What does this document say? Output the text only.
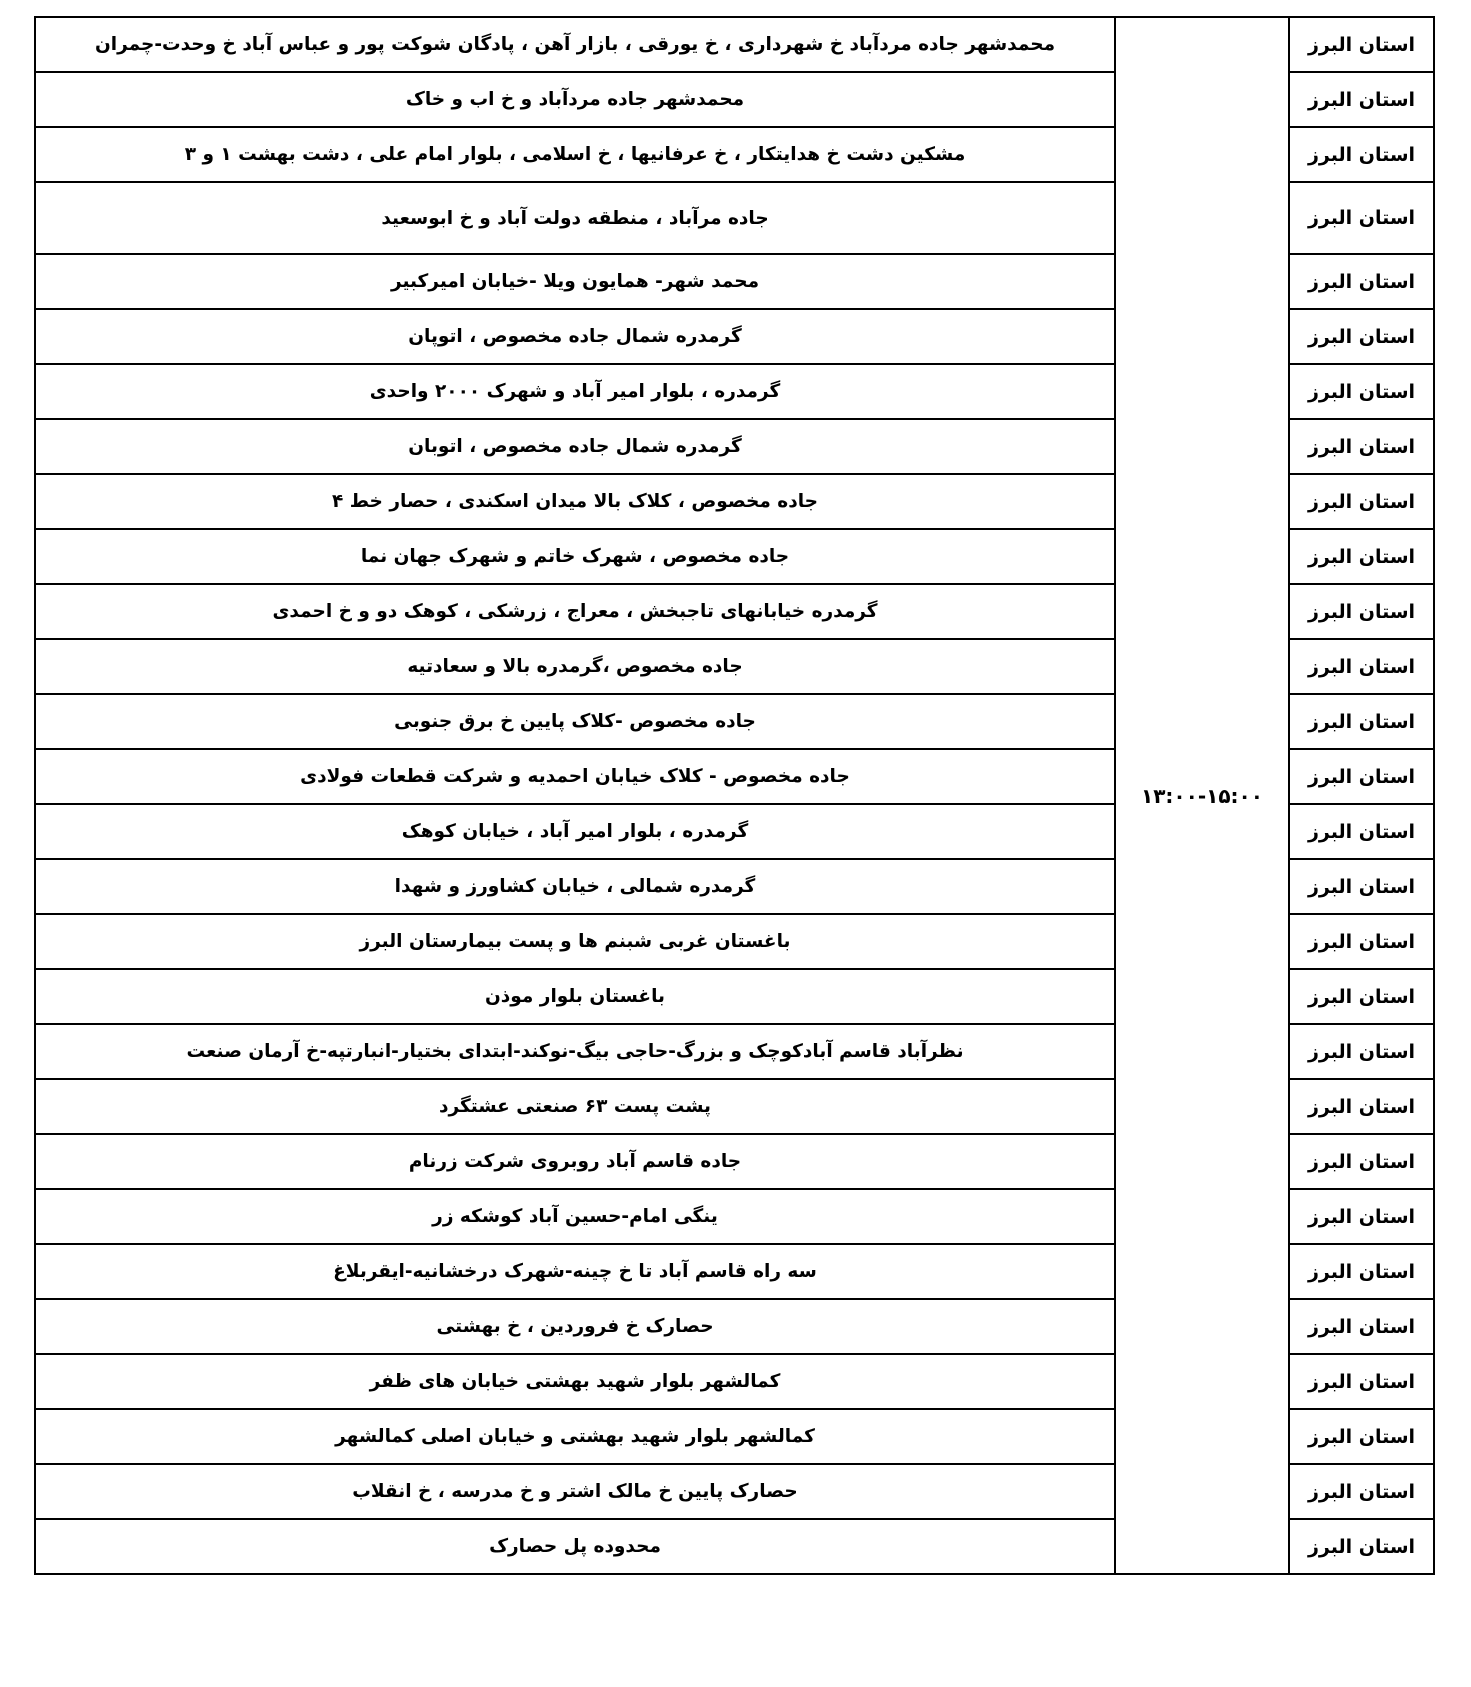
استان البرز	۱۳:۰۰-۱۵:۰۰	محمدشهر جاده مردآباد خ شهرداری ، خ یورقی ، بازار آهن ، پادگان شوکت پور و عباس آباد خ وحدت-چمران
استان البرز		محمدشهر جاده مردآباد و خ اب و خاک
استان البرز		مشکین دشت خ هدایتکار ، خ عرفانیها ، خ اسلامی ، بلوار امام علی ، دشت بهشت ۱ و ۳
استان البرز		جاده مرآباد ، منطقه دولت آباد و خ ابوسعید
استان البرز		محمد شهر- همایون ویلا -خیابان امیرکبیر
استان البرز		گرمدره شمال جاده مخصوص ، اتوپان
استان البرز		گرمدره ، بلوار امیر آباد و شهرک ۲۰۰۰ واحدی
استان البرز		گرمدره شمال جاده مخصوص ، اتوبان
استان البرز		جاده مخصوص ، کلاک بالا میدان اسکندی ، حصار خط ۴
استان البرز		جاده مخصوص ، شهرک خاتم و شهرک جهان نما
استان البرز		گرمدره خیابانهای تاجبخش ، معراج ، زرشکی ، کوهک دو و خ احمدی
استان البرز		جاده مخصوص ،گرمدره بالا و سعادتیه
استان البرز		جاده مخصوص -کلاک پایین خ برق جنوبی
استان البرز		جاده مخصوص - کلاک خیابان احمدیه و شرکت قطعات فولادی
استان البرز		گرمدره ، بلوار امیر آباد ، خیابان کوهک
استان البرز		گرمدره شمالی ، خیابان کشاورز و شهدا
استان البرز		باغستان غربی شبنم ها و پست بیمارستان البرز
استان البرز		باغستان بلوار موذن
استان البرز		نظرآباد قاسم آبادکوچک و بزرگ-حاجی بیگ-نوکند-ابتدای بختیار-انبارتپه-خ آرمان صنعت
استان البرز		پشت پست ۶۳ صنعتی عشتگرد
استان البرز		جاده قاسم آباد روبروی شرکت زرنام
استان البرز		ینگی امام-حسین آباد کوشکه زر
استان البرز		سه راه قاسم آباد تا خ چینه-شهرک درخشانیه-ایقربلاغ
استان البرز		حصارک خ فروردین ، خ بهشتی
استان البرز		کمالشهر بلوار شهید بهشتی خیابان های ظفر
استان البرز		کمالشهر بلوار شهید بهشتی و خیابان اصلی کمالشهر
استان البرز		حصارک پایین خ مالک اشتر و خ مدرسه ، خ انقلاب
استان البرز		محدوده پل حصارک
